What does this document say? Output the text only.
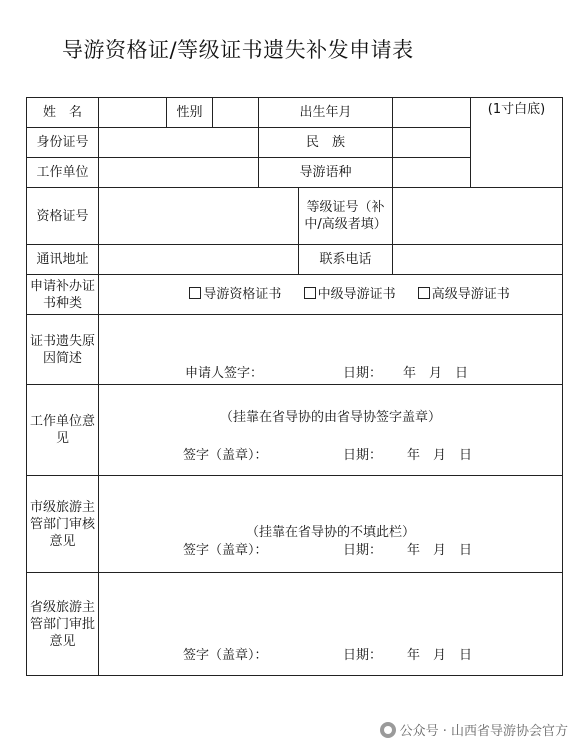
导游资格证/等级证书遗失补发申请表
姓　名		性别		出生年月			(1寸白底)
身份证号				民　族			
工作单位				导游语种			
资格证号					等级证号（补中/高级者填）		
通讯地址					联系电话		
申请补办证书种类	导游资格证书 中级导游证书 高级导游证书						
证书遗失原因简述	申请人签字： 日期： 年　月　日						

工作单位意 见	（挂靠在省导协的由省导协签字盖章）
签字（盖章）： 日期： 年　月　日						

市级旅游主管部门审核意见	（挂靠在省导协的不填此栏）
签字（盖章）： 日期： 年　月　日						

省级旅游主管部门审批意见	签字（盖章）： 日期： 年　月　日						
公众号 · 山西省导游协会官方
